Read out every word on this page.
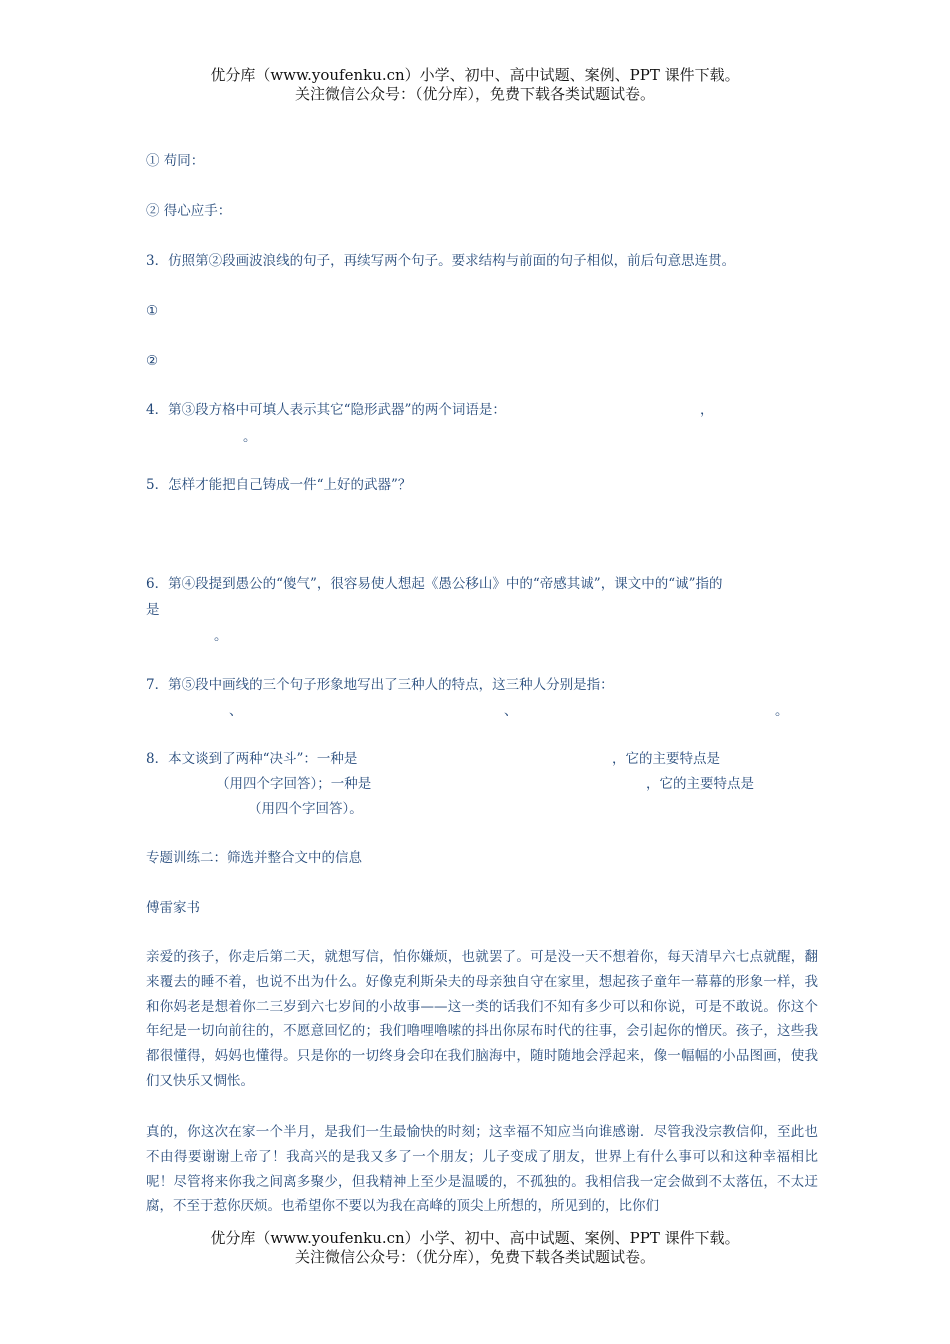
优分库（www.youfenku.cn）小学、初中、高中试题、案例、PPT 课件下载。
关注微信公众号：（优分库），免费下载各类试题试卷。
① 苟同：
② 得心应手：
3．仿照第②段画波浪线的句子，再续写两个句子。要求结构与前面的句子相似，前后句意思连贯。
①
②
4．第③段方格中可填人表示其它“隐形武器”的两个词语是：	，
。
5．怎样才能把自己铸成一件“上好的武器”？
6．第④段提到愚公的“傻气”，很容易使人想起《愚公移山》中的“帝感其诚”，课文中的“诚”指的
是
。
7．第⑤段中画线的三个句子形象地写出了三种人的特点，这三种人分别是指：
、	、	。
8．本文谈到了两种“决斗”：一种是	，它的主要特点是
（用四个字回答）；一种是	，它的主要特点是
（用四个字回答）。
专题训练二：筛选并整合文中的信息
傅雷家书
亲爱的孩子，你走后第二天，就想写信，怕你嫌烦，也就罢了。可是没一天不想着你，每天清早六七点就醒，翻来覆去的睡不着，也说不出为什么。好像克利斯朵夫的母亲独自守在家里，想起孩子童年一幕幕的形象一样，我和你妈老是想着你二三岁到六七岁间的小故事——这一类的话我们不知有多少可以和你说，可是不敢说。你这个年纪是一切向前往的，不愿意回忆的；我们噜哩噜嗦的抖出你尿布时代的往事，会引起你的憎厌。孩子，这些我都很懂得，妈妈也懂得。只是你的一切终身会印在我们脑海中，随时随地会浮起来，像一幅幅的小品图画，使我们又快乐又惆怅。
真的，你这次在家一个半月，是我们一生最愉快的时刻；这幸福不知应当向谁感谢．尽管我没宗教信仰，至此也不由得要谢谢上帝了！我高兴的是我又多了一个朋友；儿子变成了朋友，世界上有什么事可以和这种幸福相比呢！尽管将来你我之间离多聚少，但我精神上至少是温暖的，不孤独的。我相信我一定会做到不太落伍，不太迂腐，不至于惹你厌烦。也希望你不要以为我在高峰的顶尖上所想的，所见到的，比你们
优分库（www.youfenku.cn）小学、初中、高中试题、案例、PPT 课件下载。
关注微信公众号：（优分库），免费下载各类试题试卷。
